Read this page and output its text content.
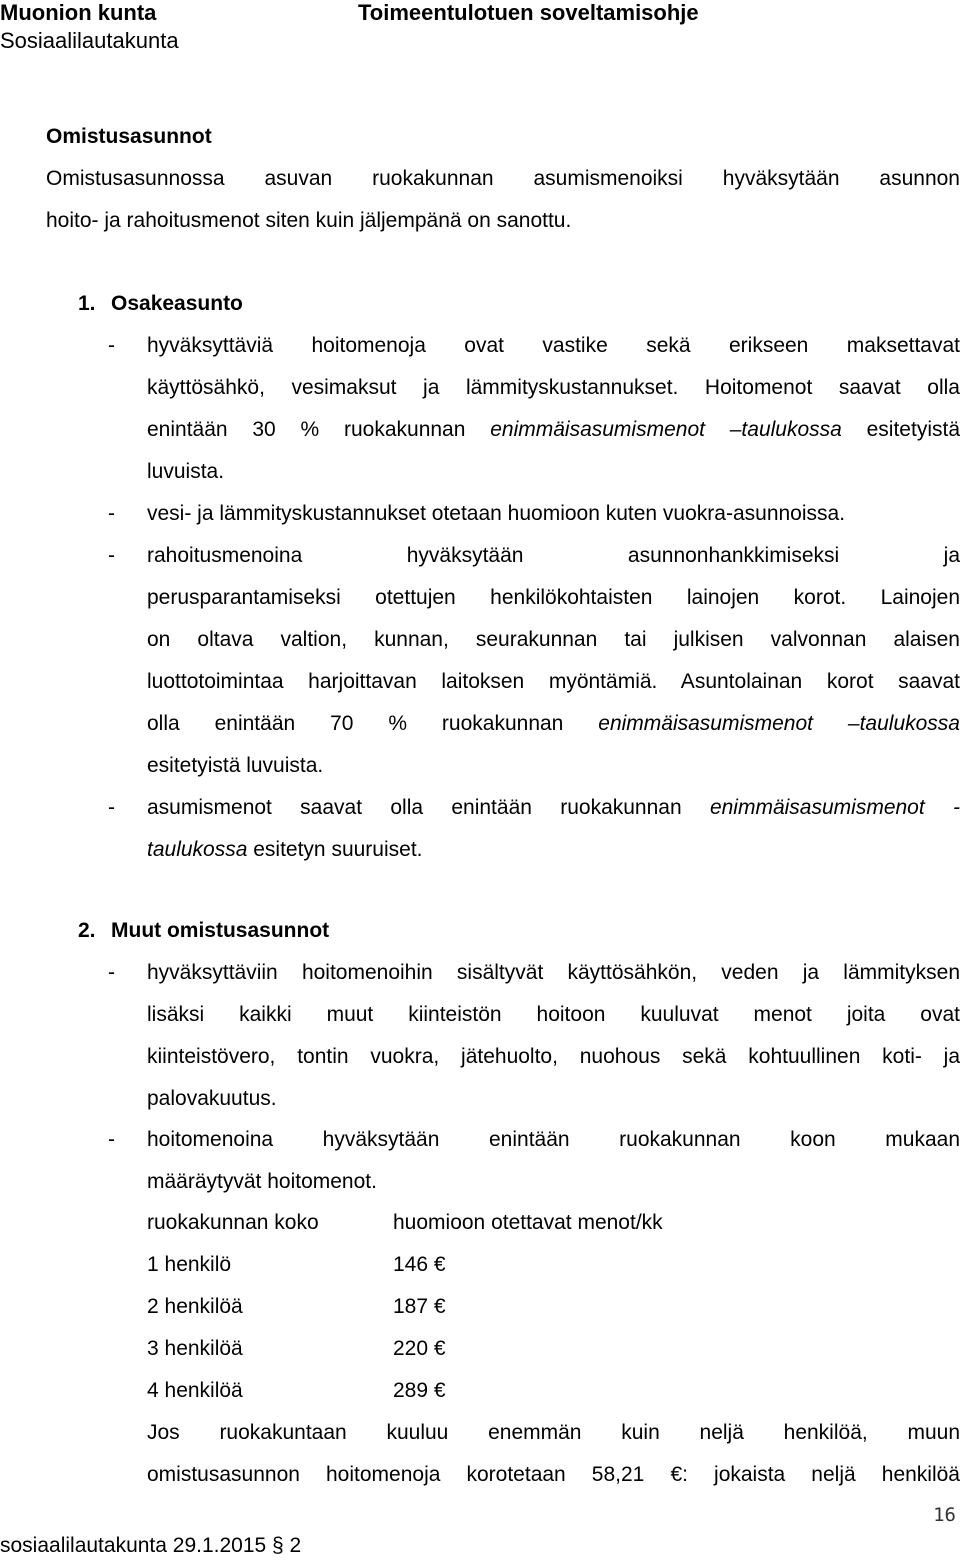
Muonion kunta
Sosiaalilautakunta
Toimeentulotuen soveltamisohje
Omistusasunnot
Omistusasunnossa asuvan ruokakunnan asumismenoiksi hyväksytään asunnon
hoito- ja rahoitusmenot siten kuin jäljempänä on sanottu.
1. Osakeasunto
- hyväksyttäviä hoitomenoja ovat vastike sekä erikseen maksettavat
käyttösähkö, vesimaksut ja lämmityskustannukset. Hoitomenot saavat olla
enintään 30 % ruokakunnan enimmäisasumismenot –taulukossa esitetyistä
luvuista.
- vesi- ja lämmityskustannukset otetaan huomioon kuten vuokra-asunnoissa.
- rahoitusmenoina hyväksytään asunnonhankkimiseksi ja
perusparantamiseksi otettujen henkilökohtaisten lainojen korot. Lainojen
on oltava valtion, kunnan, seurakunnan tai julkisen valvonnan alaisen
luottotoimintaa harjoittavan laitoksen myöntämiä. Asuntolainan korot saavat
olla enintään 70 % ruokakunnan enimmäisasumismenot –taulukossa
esitetyistä luvuista.
- asumismenot saavat olla enintään ruokakunnan enimmäisasumismenot -
taulukossa esitetyn suuruiset.
2. Muut omistusasunnot
- hyväksyttäviin hoitomenoihin sisältyvät käyttösähkön, veden ja lämmityksen
lisäksi kaikki muut kiinteistön hoitoon kuuluvat menot joita ovat
kiinteistövero, tontin vuokra, jätehuolto, nuohous sekä kohtuullinen koti- ja
palovakuutus.
- hoitomenoina hyväksytään enintään ruokakunnan koon mukaan
määräytyvät hoitomenot.
ruokakunnan koko	huomioon otettavat menot/kk
1 henkilö	146 €
2 henkilöä	187 €
3 henkilöä	220 €
4 henkilöä	289 €
Jos ruokakuntaan kuuluu enemmän kuin neljä henkilöä, muun
omistusasunnon hoitomenoja korotetaan 58,21 €: jokaista neljä henkilöä
16
sosiaalilautakunta 29.1.2015 § 2
